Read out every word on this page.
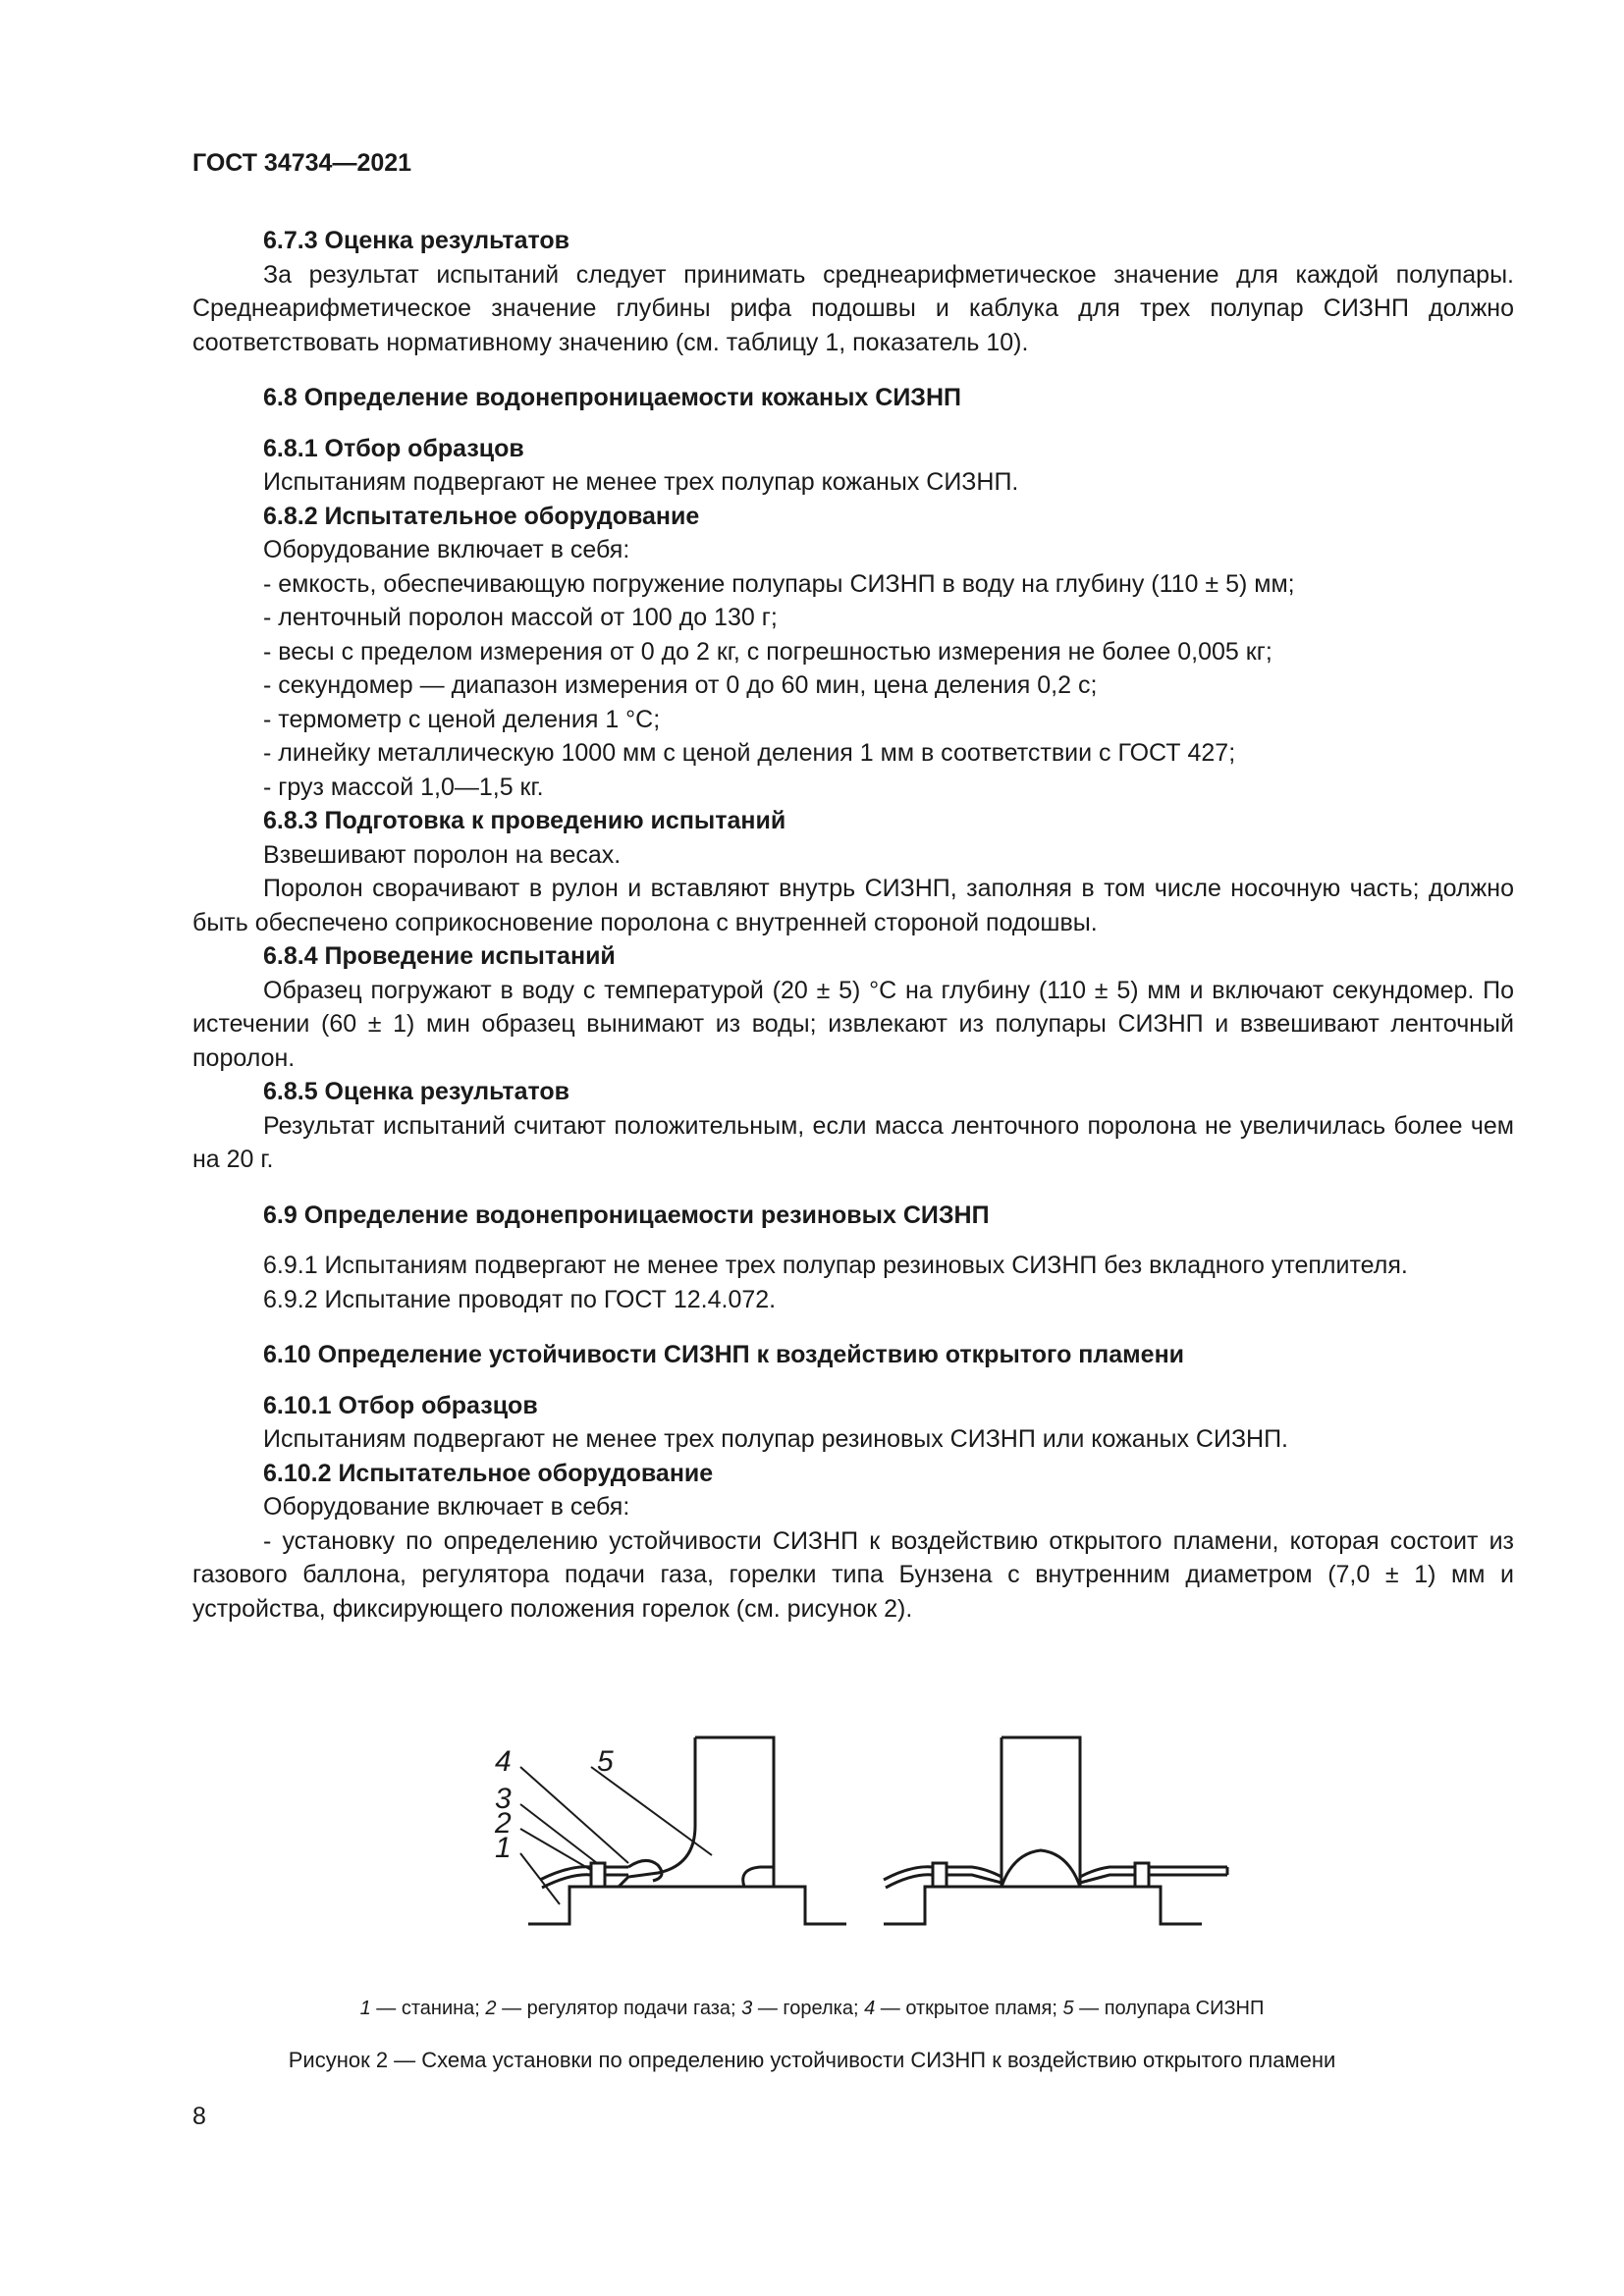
ГОСТ 34734—2021

6.7.3 Оценка результатов

За результат испытаний следует принимать среднеарифметическое значение для каждой полупары. Среднеарифметическое значение глубины рифа подошвы и каблука для трех полупар СИЗНП должно соответствовать нормативному значению (см. таблицу 1, показатель 10).

6.8 Определение водонепроницаемости кожаных СИЗНП

6.8.1 Отбор образцов

Испытаниям подвергают не менее трех полупар кожаных СИЗНП.

6.8.2 Испытательное оборудование

Оборудование включает в себя:

- емкость, обеспечивающую погружение полупары СИЗНП в воду на глубину (110 ± 5) мм;

- ленточный поролон массой от 100 до 130 г;

- весы с пределом измерения от 0 до 2 кг, с погрешностью измерения не более 0,005 кг;

- секундомер — диапазон измерения от 0 до 60 мин, цена деления 0,2 с;

- термометр с ценой деления 1 °С;

- линейку металлическую 1000 мм с ценой деления 1 мм в соответствии с ГОСТ 427;

- груз массой 1,0—1,5 кг.

6.8.3 Подготовка к проведению испытаний

Взвешивают поролон на весах.

Поролон сворачивают в рулон и вставляют внутрь СИЗНП, заполняя в том числе носочную часть; должно быть обеспечено соприкосновение поролона с внутренней стороной подошвы.

6.8.4 Проведение испытаний

Образец погружают в воду с температурой (20 ± 5) °С на глубину (110 ± 5) мм и включают секундомер. По истечении (60 ± 1) мин образец вынимают из воды; извлекают из полупары СИЗНП и взвешивают ленточный поролон.

6.8.5 Оценка результатов

Результат испытаний считают положительным, если масса ленточного поролона не увеличилась более чем на 20 г.

6.9 Определение водонепроницаемости резиновых СИЗНП

6.9.1 Испытаниям подвергают не менее трех полупар резиновых СИЗНП без вкладного утеплителя.

6.9.2 Испытание проводят по ГОСТ 12.4.072.

6.10 Определение устойчивости СИЗНП к воздействию открытого пламени

6.10.1 Отбор образцов

Испытаниям подвергают не менее трех полупар резиновых СИЗНП или кожаных СИЗНП.

6.10.2 Испытательное оборудование

Оборудование включает в себя:

- установку по определению устойчивости СИЗНП к воздействию открытого пламени, которая состоит из газового баллона, регулятора подачи газа, горелки типа Бунзена с внутренним диаметром (7,0 ± 1) мм и устройства, фиксирующего положения горелок (см. рисунок 2).

4	5
3
2
1
1 — станина; 2 — регулятор подачи газа; 3 — горелка; 4 — открытое пламя; 5 — полупара СИЗНП
Рисунок 2 — Схема установки по определению устойчивости СИЗНП к воздействию открытого пламени
8
